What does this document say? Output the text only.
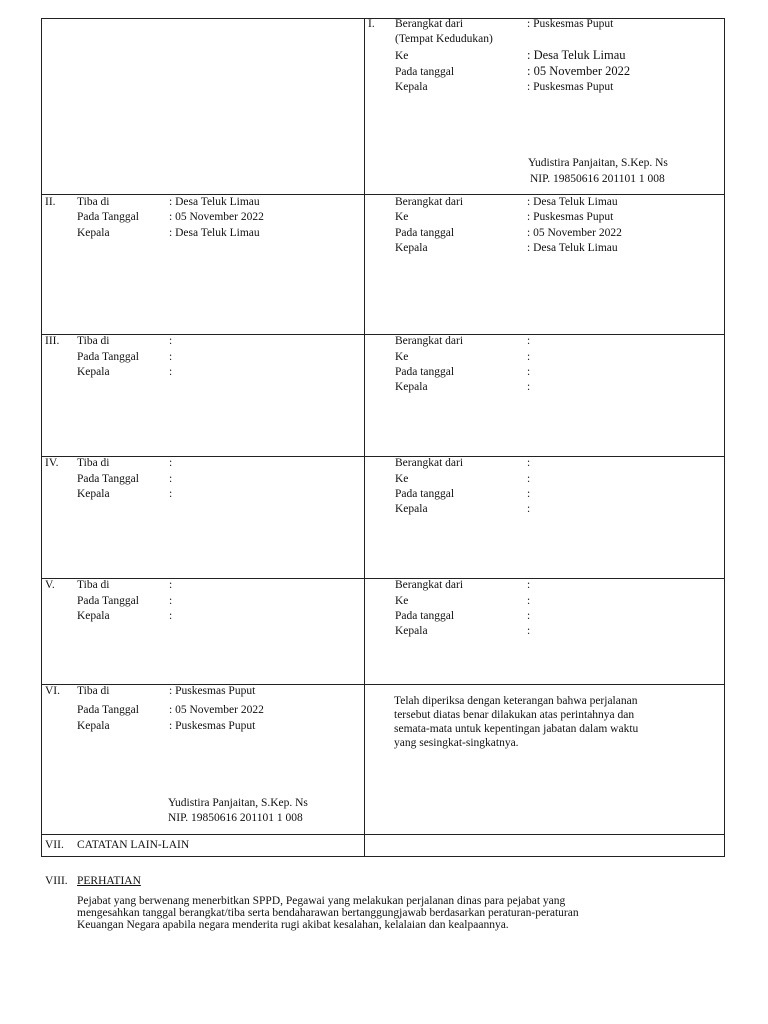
I. Berangkat dari	: Puskesmas Puput
(Tempat Kedudukan)
Ke	: Desa Teluk Limau
Pada tanggal	: 05 November 2022
Kepala	: Puskesmas Puput
Yudistira Panjaitan, S.Kep. Ns
NIP. 19850616 201101 1 008
II. Tiba di	: Desa Teluk Limau
Pada Tanggal	: 05 November 2022
Kepala	: Desa Teluk Limau
Berangkat dari	: Desa Teluk Limau
Ke	: Puskesmas Puput
Pada tanggal	: 05 November 2022
Kepala	: Desa Teluk Limau
III. Tiba di	:
Pada Tanggal	:
Kepala	:
Berangkat dari	:
Ke	:
Pada tanggal	:
Kepala	:
IV. Tiba di	:
Pada Tanggal	:
Kepala	:
Berangkat dari	:
Ke	:
Pada tanggal	:
Kepala	:
V. Tiba di	:
Pada Tanggal	:
Kepala	:
Berangkat dari	:
Ke	:
Pada tanggal	:
Kepala	:
VI. Tiba di	: Puskesmas Puput
Pada Tanggal	: 05 November 2022
Kepala	: Puskesmas Puput
Yudistira Panjaitan, S.Kep. Ns
NIP. 19850616 201101 1 008
Telah diperiksa dengan keterangan bahwa perjalanan
tersebut diatas benar dilakukan atas perintahnya dan
semata-mata untuk kepentingan jabatan dalam waktu
yang sesingkat-singkatnya.
VII. CATATAN LAIN-LAIN
VIII. PERHATIAN
Pejabat yang berwenang menerbitkan SPPD, Pegawai yang melakukan perjalanan dinas para pejabat yang
mengesahkan tanggal berangkat/tiba serta bendaharawan bertanggungjawab berdasarkan peraturan-peraturan
Keuangan Negara apabila negara menderita rugi akibat kesalahan, kelalaian dan kealpaannya.
